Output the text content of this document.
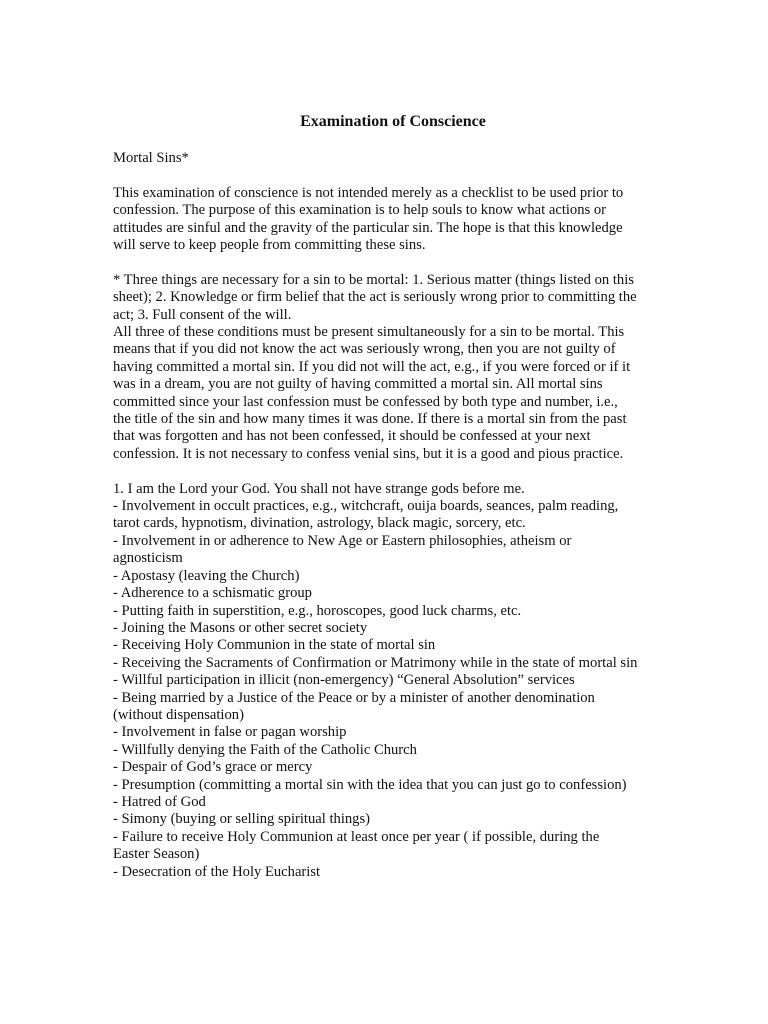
Examination of Conscience

Mortal Sins*

This examination of conscience is not intended merely as a checklist to be used prior to
confession. The purpose of this examination is to help souls to know what actions or
attitudes are sinful and the gravity of the particular sin. The hope is that this knowledge
will serve to keep people from committing these sins.
* Three things are necessary for a sin to be mortal: 1. Serious matter (things listed on this
sheet); 2. Knowledge or firm belief that the act is seriously wrong prior to committing the
act; 3. Full consent of the will.
All three of these conditions must be present simultaneously for a sin to be mortal. This
means that if you did not know the act was seriously wrong, then you are not guilty of
having committed a mortal sin. If you did not will the act, e.g., if you were forced or if it
was in a dream, you are not guilty of having committed a mortal sin. All mortal sins
committed since your last confession must be confessed by both type and number, i.e.,
the title of the sin and how many times it was done. If there is a mortal sin from the past
that was forgotten and has not been confessed, it should be confessed at your next
confession. It is not necessary to confess venial sins, but it is a good and pious practice.
1. I am the Lord your God. You shall not have strange gods before me.
- Involvement in occult practices, e.g., witchcraft, ouija boards, seances, palm reading,
tarot cards, hypnotism, divination, astrology, black magic, sorcery, etc.
- Involvement in or adherence to New Age or Eastern philosophies, atheism or
agnosticism
- Apostasy (leaving the Church)
- Adherence to a schismatic group
- Putting faith in superstition, e.g., horoscopes, good luck charms, etc.
- Joining the Masons or other secret society
- Receiving Holy Communion in the state of mortal sin
- Receiving the Sacraments of Confirmation or Matrimony while in the state of mortal sin
- Willful participation in illicit (non-emergency) “General Absolution” services
- Being married by a Justice of the Peace or by a minister of another denomination
(without dispensation)
- Involvement in false or pagan worship
- Willfully denying the Faith of the Catholic Church
- Despair of God’s grace or mercy
- Presumption (committing a mortal sin with the idea that you can just go to confession)
- Hatred of God
- Simony (buying or selling spiritual things)
- Failure to receive Holy Communion at least once per year ( if possible, during the
Easter Season)
- Desecration of the Holy Eucharist
